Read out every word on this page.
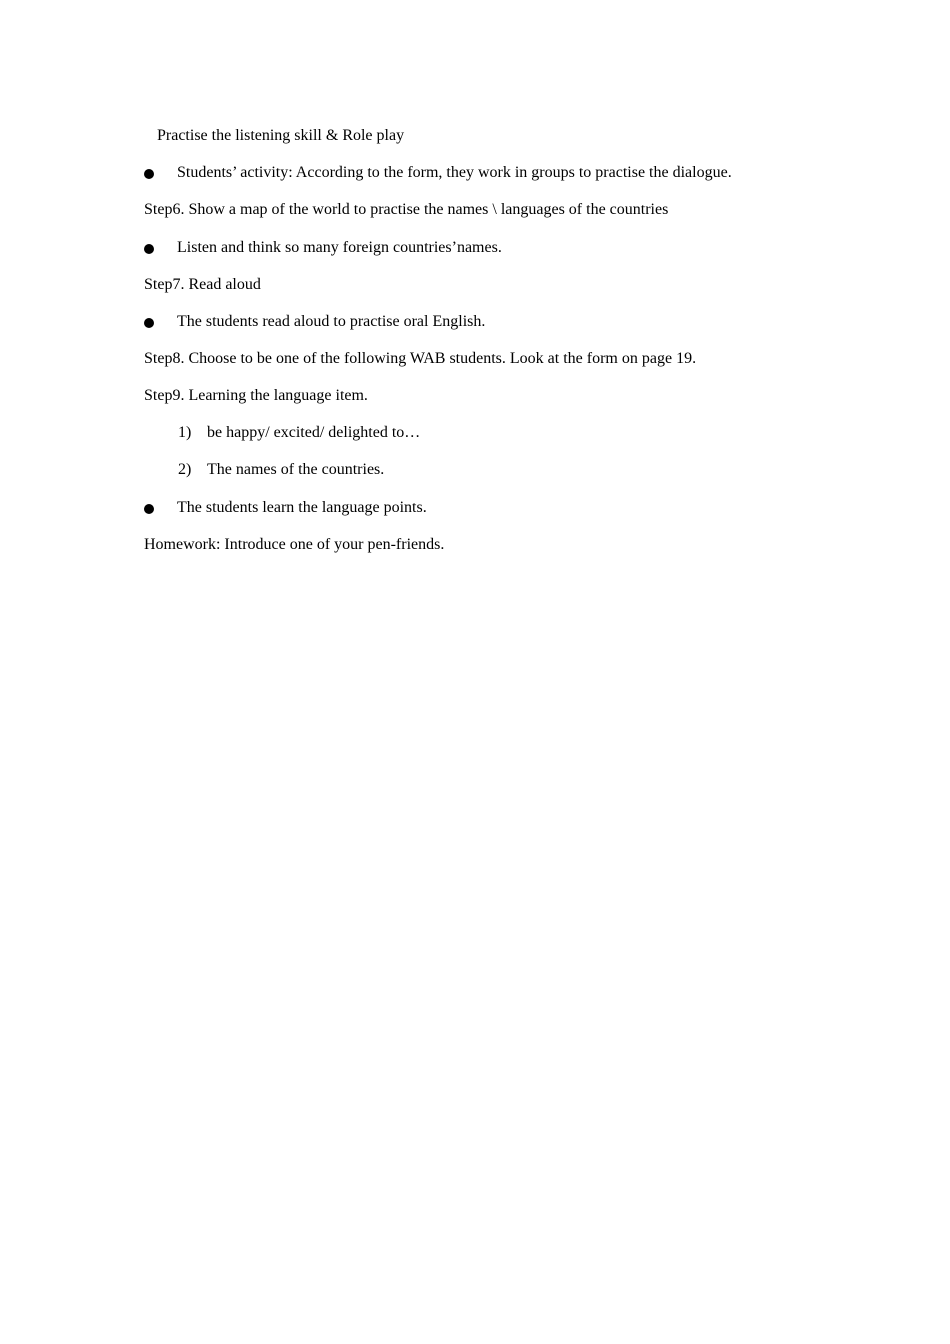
Practise the listening skill & Role play
Students’ activity: According to the form, they work in groups to practise the dialogue.
Step6. Show a map of the world to practise the names \ languages of the countries
Listen and think so many foreign countries’names.
Step7. Read aloud
The students read aloud to practise oral English.
Step8. Choose to be one of the following WAB students. Look at the form on page 19.
Step9. Learning the language item.
1) be happy/ excited/ delighted to…
2) The names of the countries.
The students learn the language points.
Homework: Introduce one of your pen-friends.
